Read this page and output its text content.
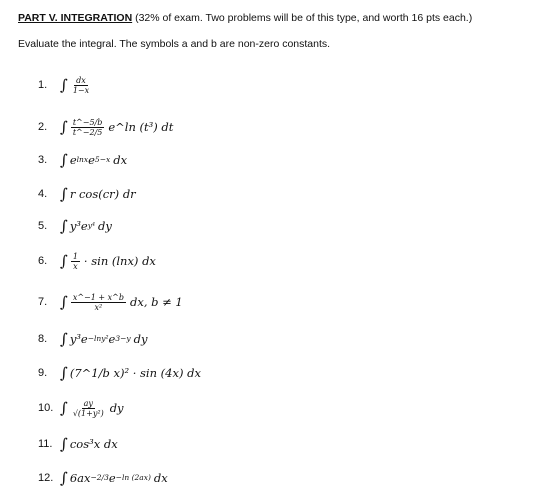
PART V. INTEGRATION (32% of exam. Two problems will be of this type, and worth 16 pts each.)
Evaluate the integral. The symbols a and b are non-zero constants.
1. ∫ $\frac{dx}{1-x}$
2. ∫ $\frac{t\^{}-5/b}{t\^{}-2/5}$ e^ln (t³) dt
3. ∫ e lnx e 5−x dx
4. ∫ r cos(cr) dr
5. ∫ y³e y⁴ dy
6. ∫ $\frac{1}{x} \cdot \sin (\ln x)$ dx
7. ∫ $\frac{x\^{}-1 + x\^{}b}{\text{x²}}$ dx, b ≠ 1
8. ∫ y³e −lny² e 3−y dy
9. ∫ (7^1/b x)² · sin (4x) dx
10. ∫ $\frac{ay}{\text{√(1+y²)}}$ dy
11. ∫ cos³x dx
12. ∫ 6ax −2/3 e −ln (2ax) dx
